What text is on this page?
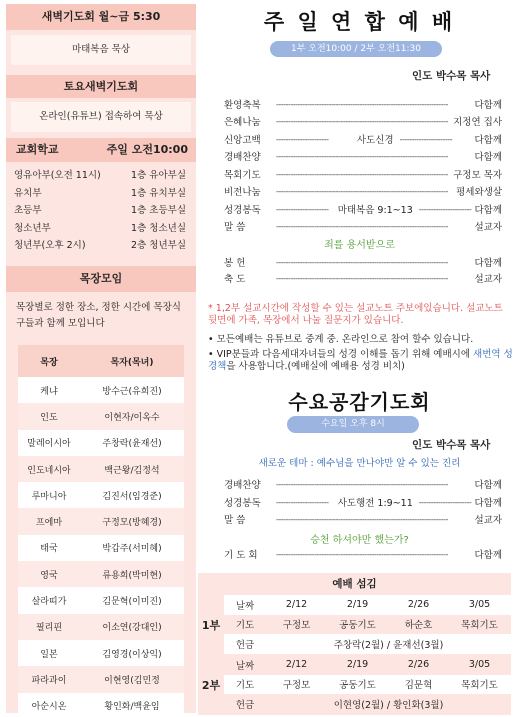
새벽기도회 월~금 5:30
마태복음 묵상
토요새벽기도회
온라인(유튜브) 접속하여 묵상
교회학교	주일 오전10:00
영유아부(오전 11시)	1층 유아부실
유치부	1층 유치부실
초등부	1층 초등부실
청소년부	1층 청소년실
청년부(오후 2시)	2층 청년부실
목장모임
목장별로 정한 장소, 정한 시간에 목장식구들과 함께 모입니다
목장	목자(목녀)
케냐	방수근(유희진)
인도	이현자/이옥수
말레이시아	주창락(윤재선)
인도네시아	백근왕/김정석
루마니아	김진서(임경준)
프에마	구정모(방혜경)
태국	박갑주(서미혜)
영국	류용희(박미현)
살라띠가	김문혁(이미진)
필리핀	이소연(강대인)
일본	김영경(이상익)
파라과이	이현영(김민정
아순시온	황인화/백윤임
주 일 연 합 예 배
1부 오전10:00 / 2부 오전11:30
인도 박수목 목사
환영축복	------------------------------------------------------------------------	다함께
은혜나눔	------------------------------------------------------------------------ 지정연 집사
신앙고백	----------------------	사도신경 ----------------------	다함께
경배찬양	------------------------------------------------------------------------	다함께
목회기도	------------------------------------------------------------------------ 구정모 목자
비전나눔	------------------------------------------------------------------------ 평세와생살
성경봉독	---------------------- 마태복음 9:1~13 ---------------------- 다함께
말 씀	------------------------------------------------------------------------	설교자
죄를 용서받으로
봉 헌	------------------------------------------------------------------------	다함께
축 도	------------------------------------------------------------------------	설교자
* 1,2부 설교시간에 작성할 수 있는 설교노트 주보에있습니다. 설교노트 뒷면에 가족, 목장에서 나눌 질문지가 있습니다.
• 모든예배는 유튜브로 중계 중. 온라인으로 참여 할수 있습니다.
• VIP분들과 다음세대자녀들의 성경 이해를 돕기 위해 예배시에 새번역 성경책을 사용합니다.(예배실에 예배용 성경 비치)
수요공감기도회
수요일 오후 8시
인도 박수목 목사
새로운 테마 : 예수님을 만나야만 알 수 있는 진리
경배찬양	------------------------------------------------------------------------	다함께
성경봉독	---------------------- 사도행전 1:9~11 ---------------------- 다함께
말 씀	------------------------------------------------------------------------	설교자
승천 하셔야만 했는가?
기 도 회	------------------------------------------------------------------------	다함께
예배 섬김
1부
날짜	2/12	2/19	2/26	3/05
기도	구정모	공동기도	하순호	목회기도
헌금	주창락(2월) / 윤재선(3월)
2부
날짜	2/12	2/19	2/26	3/05
기도	구정모	공동기도	김문혁	목회기도
헌금	이현영(2월) / 황인화(3월)
